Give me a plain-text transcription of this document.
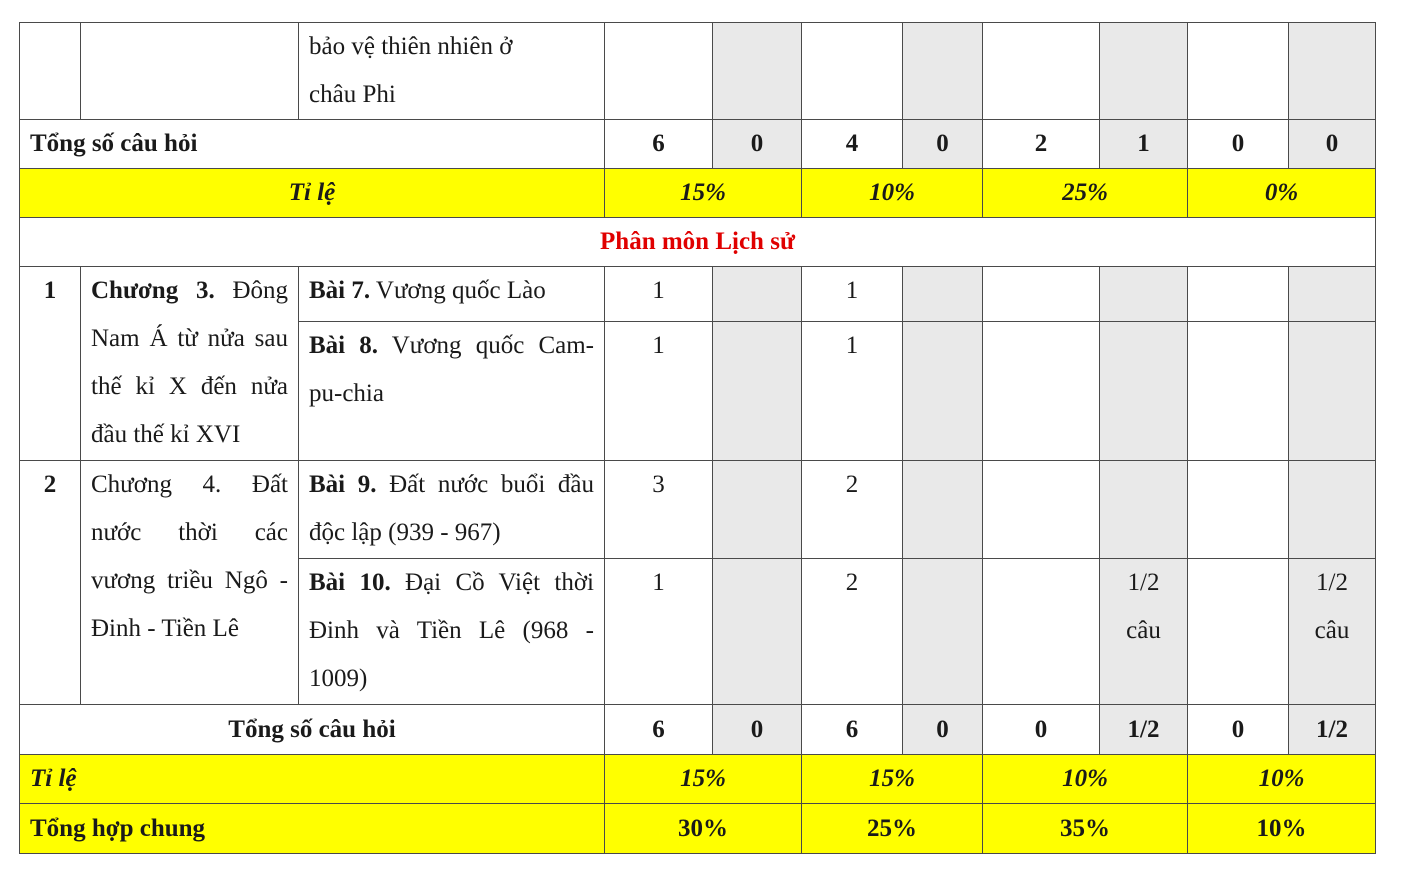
		bảo vệ thiên nhiên ở
châu Phi								
Tổng số câu hỏi			6	0	4	0	2	1	0	0
Tỉ lệ			15%		10%		25%		0%	
Phân môn Lịch sử										
1	Chương 3. Đông Nam Á từ nửa sau thế kỉ X đến nửa đầu thế kỉ XVI	Bài 7. Vương quốc Lào	1		1					
		Bài 8. Vương quốc Cam-pu-chia	1		1					
2	Chương 4. Đất nước thời các vương triều Ngô - Đinh - Tiền Lê	Bài 9. Đất nước buổi đầu độc lập (939 - 967)	3		2					
		Bài 10. Đại Cồ Việt thời Đinh và Tiền Lê (968 - 1009)	1		2			1/2 câu		1/2 câu
Tổng số câu hỏi			6	0	6	0	0	1/2	0	1/2
Tỉ lệ			15%		15%		10%		10%	
Tổng hợp chung			30%		25%		35%		10%	
